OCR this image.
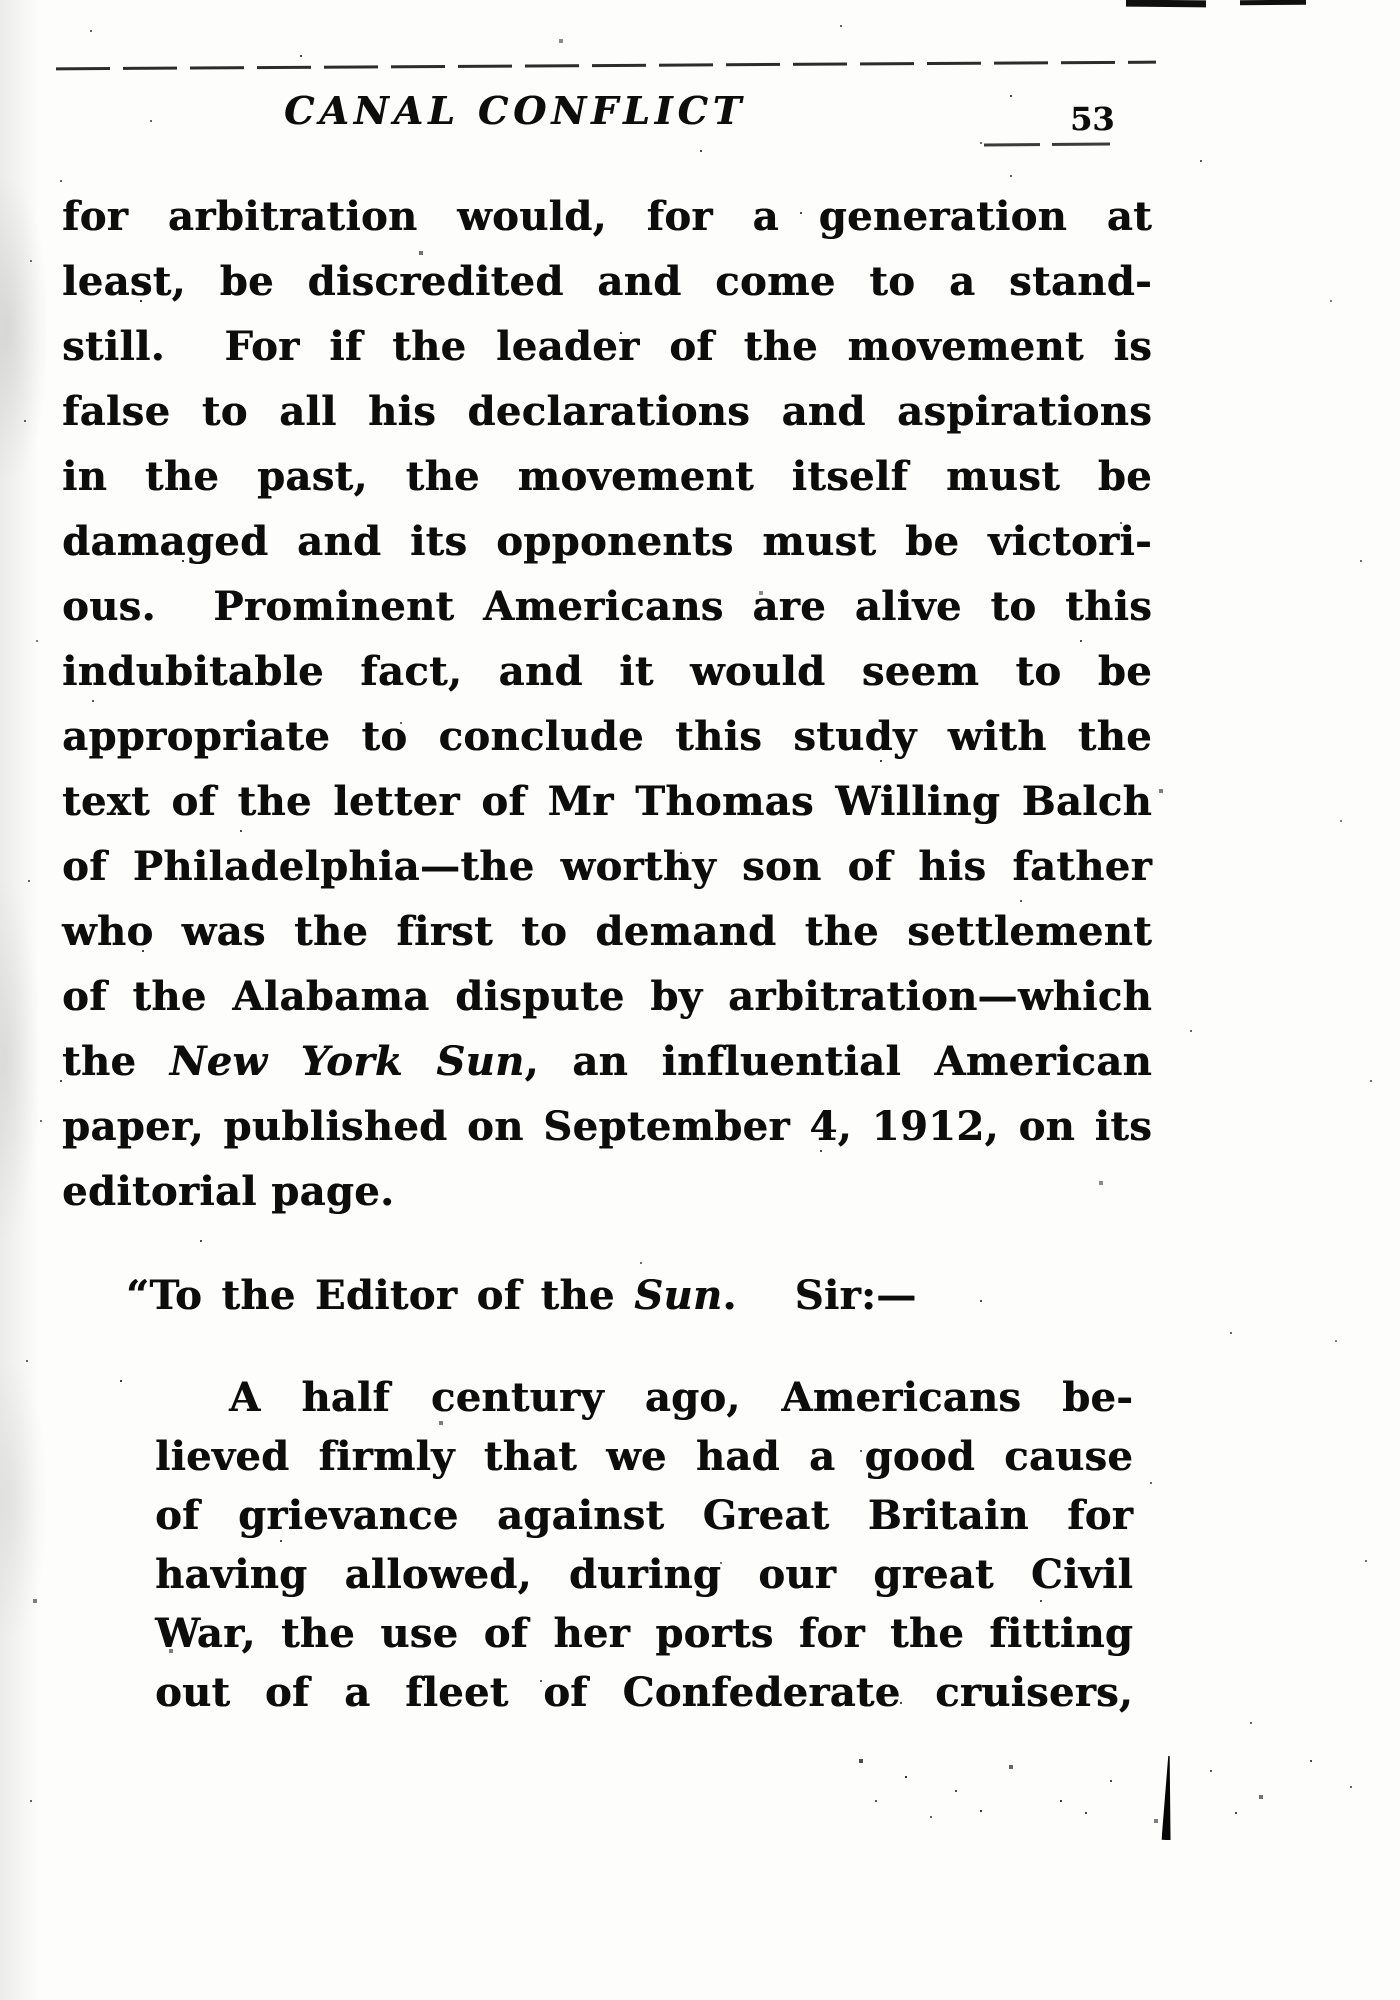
CANAL CONFLICT	53
for arbitration would, for a generation at
least, be discredited and come to a stand-
still.  For if the leader of the movement is
false to all his declarations and aspirations
in the past, the movement itself must be
damaged and its opponents must be victori-
ous.  Prominent Americans are alive to this
indubitable fact, and it would seem to be
appropriate to conclude this study with the
text of the letter of Mr Thomas Willing Balch
of Philadelphia—the worthy son of his father
who was the first to demand the settlement
of the Alabama dispute by arbitration—which
the New York Sun, an influential American
paper, published on September 4, 1912, on its
editorial page.
“To the Editor of the Sun.   Sir:—
A half century ago, Americans be-
lieved firmly that we had a good cause
of grievance against Great Britain for
having allowed, during our great Civil
War, the use of her ports for the fitting
out of a fleet of Confederate cruisers,
